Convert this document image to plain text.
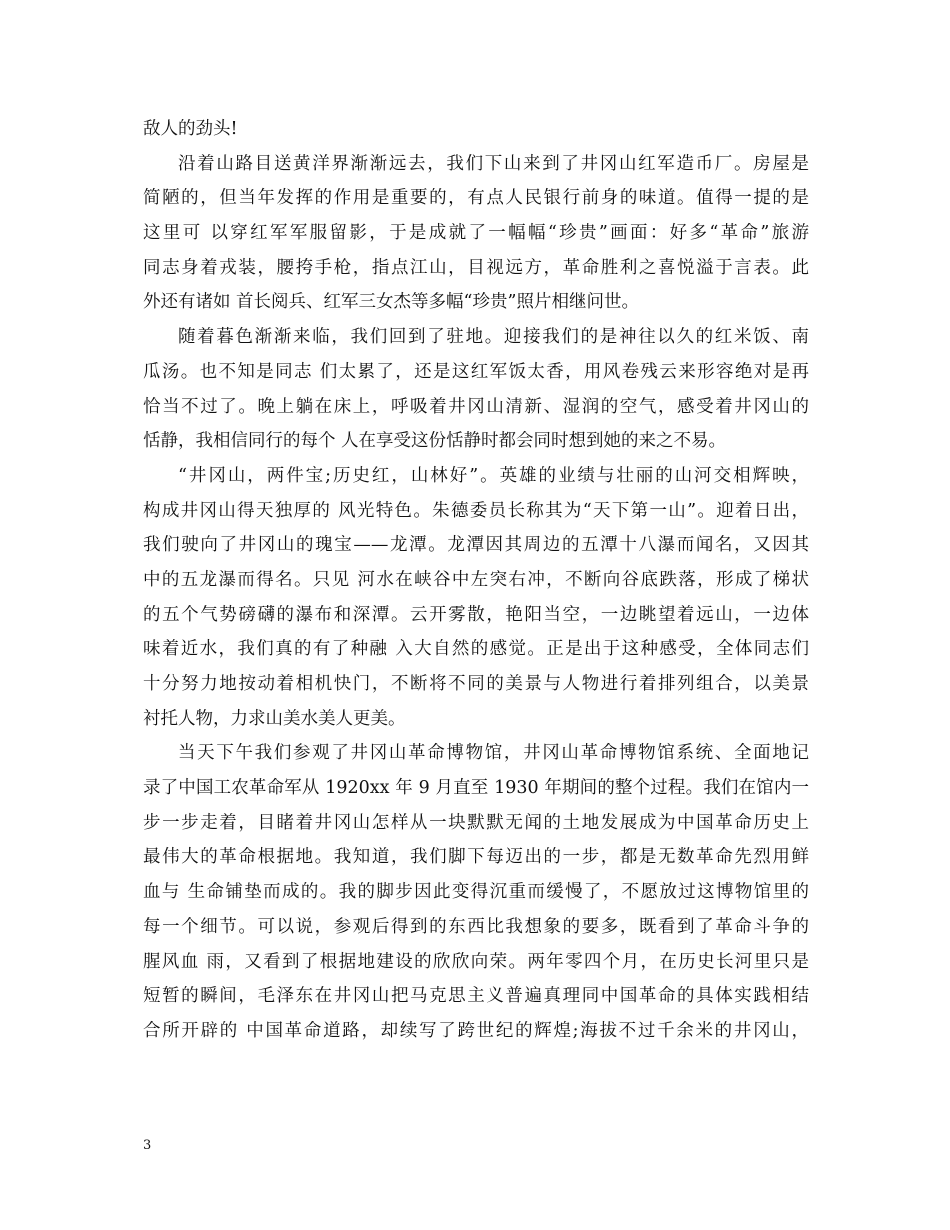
敌人的劲头!
沿着山路目送黄洋界渐渐远去，我们下山来到了井冈山红军造币厂。房屋是
简陋的，但当年发挥的作用是重要的，有点人民银行前身的味道。值得一提的是
这里可 以穿红军军服留影，于是成就了一幅幅“珍贵”画面：好多“革命”旅游
同志身着戎装，腰挎手枪，指点江山，目视远方，革命胜利之喜悦溢于言表。此
外还有诸如 首长阅兵、红军三女杰等多幅“珍贵”照片相继问世。
随着暮色渐渐来临，我们回到了驻地。迎接我们的是神往以久的红米饭、南
瓜汤。也不知是同志 们太累了，还是这红军饭太香，用风卷残云来形容绝对是再
恰当不过了。晚上躺在床上，呼吸着井冈山清新、湿润的空气，感受着井冈山的
恬静，我相信同行的每个 人在享受这份恬静时都会同时想到她的来之不易。
“井冈山，两件宝;历史红，山林好”。英雄的业绩与壮丽的山河交相辉映，
构成井冈山得天独厚的 风光特色。朱德委员长称其为“天下第一山”。迎着日出，
我们驶向了井冈山的瑰宝——龙潭。龙潭因其周边的五潭十八瀑而闻名，又因其
中的五龙瀑而得名。只见 河水在峡谷中左突右冲，不断向谷底跌落，形成了梯状
的五个气势磅礴的瀑布和深潭。云开雾散，艳阳当空，一边眺望着远山，一边体
味着近水，我们真的有了种融 入大自然的感觉。正是出于这种感受，全体同志们
十分努力地按动着相机快门，不断将不同的美景与人物进行着排列组合，以美景
衬托人物，力求山美水美人更美。
当天下午我们参观了井冈山革命博物馆，井冈山革命博物馆系统、全面地记
录了中国工农革命军从 1920xx 年 9 月直至 1930 年期间的整个过程。我们在馆内一
步一步走着，目睹着井冈山怎样从一块默默无闻的土地发展成为中国革命历史上
最伟大的革命根据地。我知道，我们脚下每迈出的一步，都是无数革命先烈用鲜
血与 生命铺垫而成的。我的脚步因此变得沉重而缓慢了，不愿放过这博物馆里的
每一个细节。可以说，参观后得到的东西比我想象的要多，既看到了革命斗争的
腥风血 雨，又看到了根据地建设的欣欣向荣。两年零四个月，在历史长河里只是
短暂的瞬间，毛泽东在井冈山把马克思主义普遍真理同中国革命的具体实践相结
合所开辟的 中国革命道路，却续写了跨世纪的辉煌;海拔不过千余米的井冈山，
3
